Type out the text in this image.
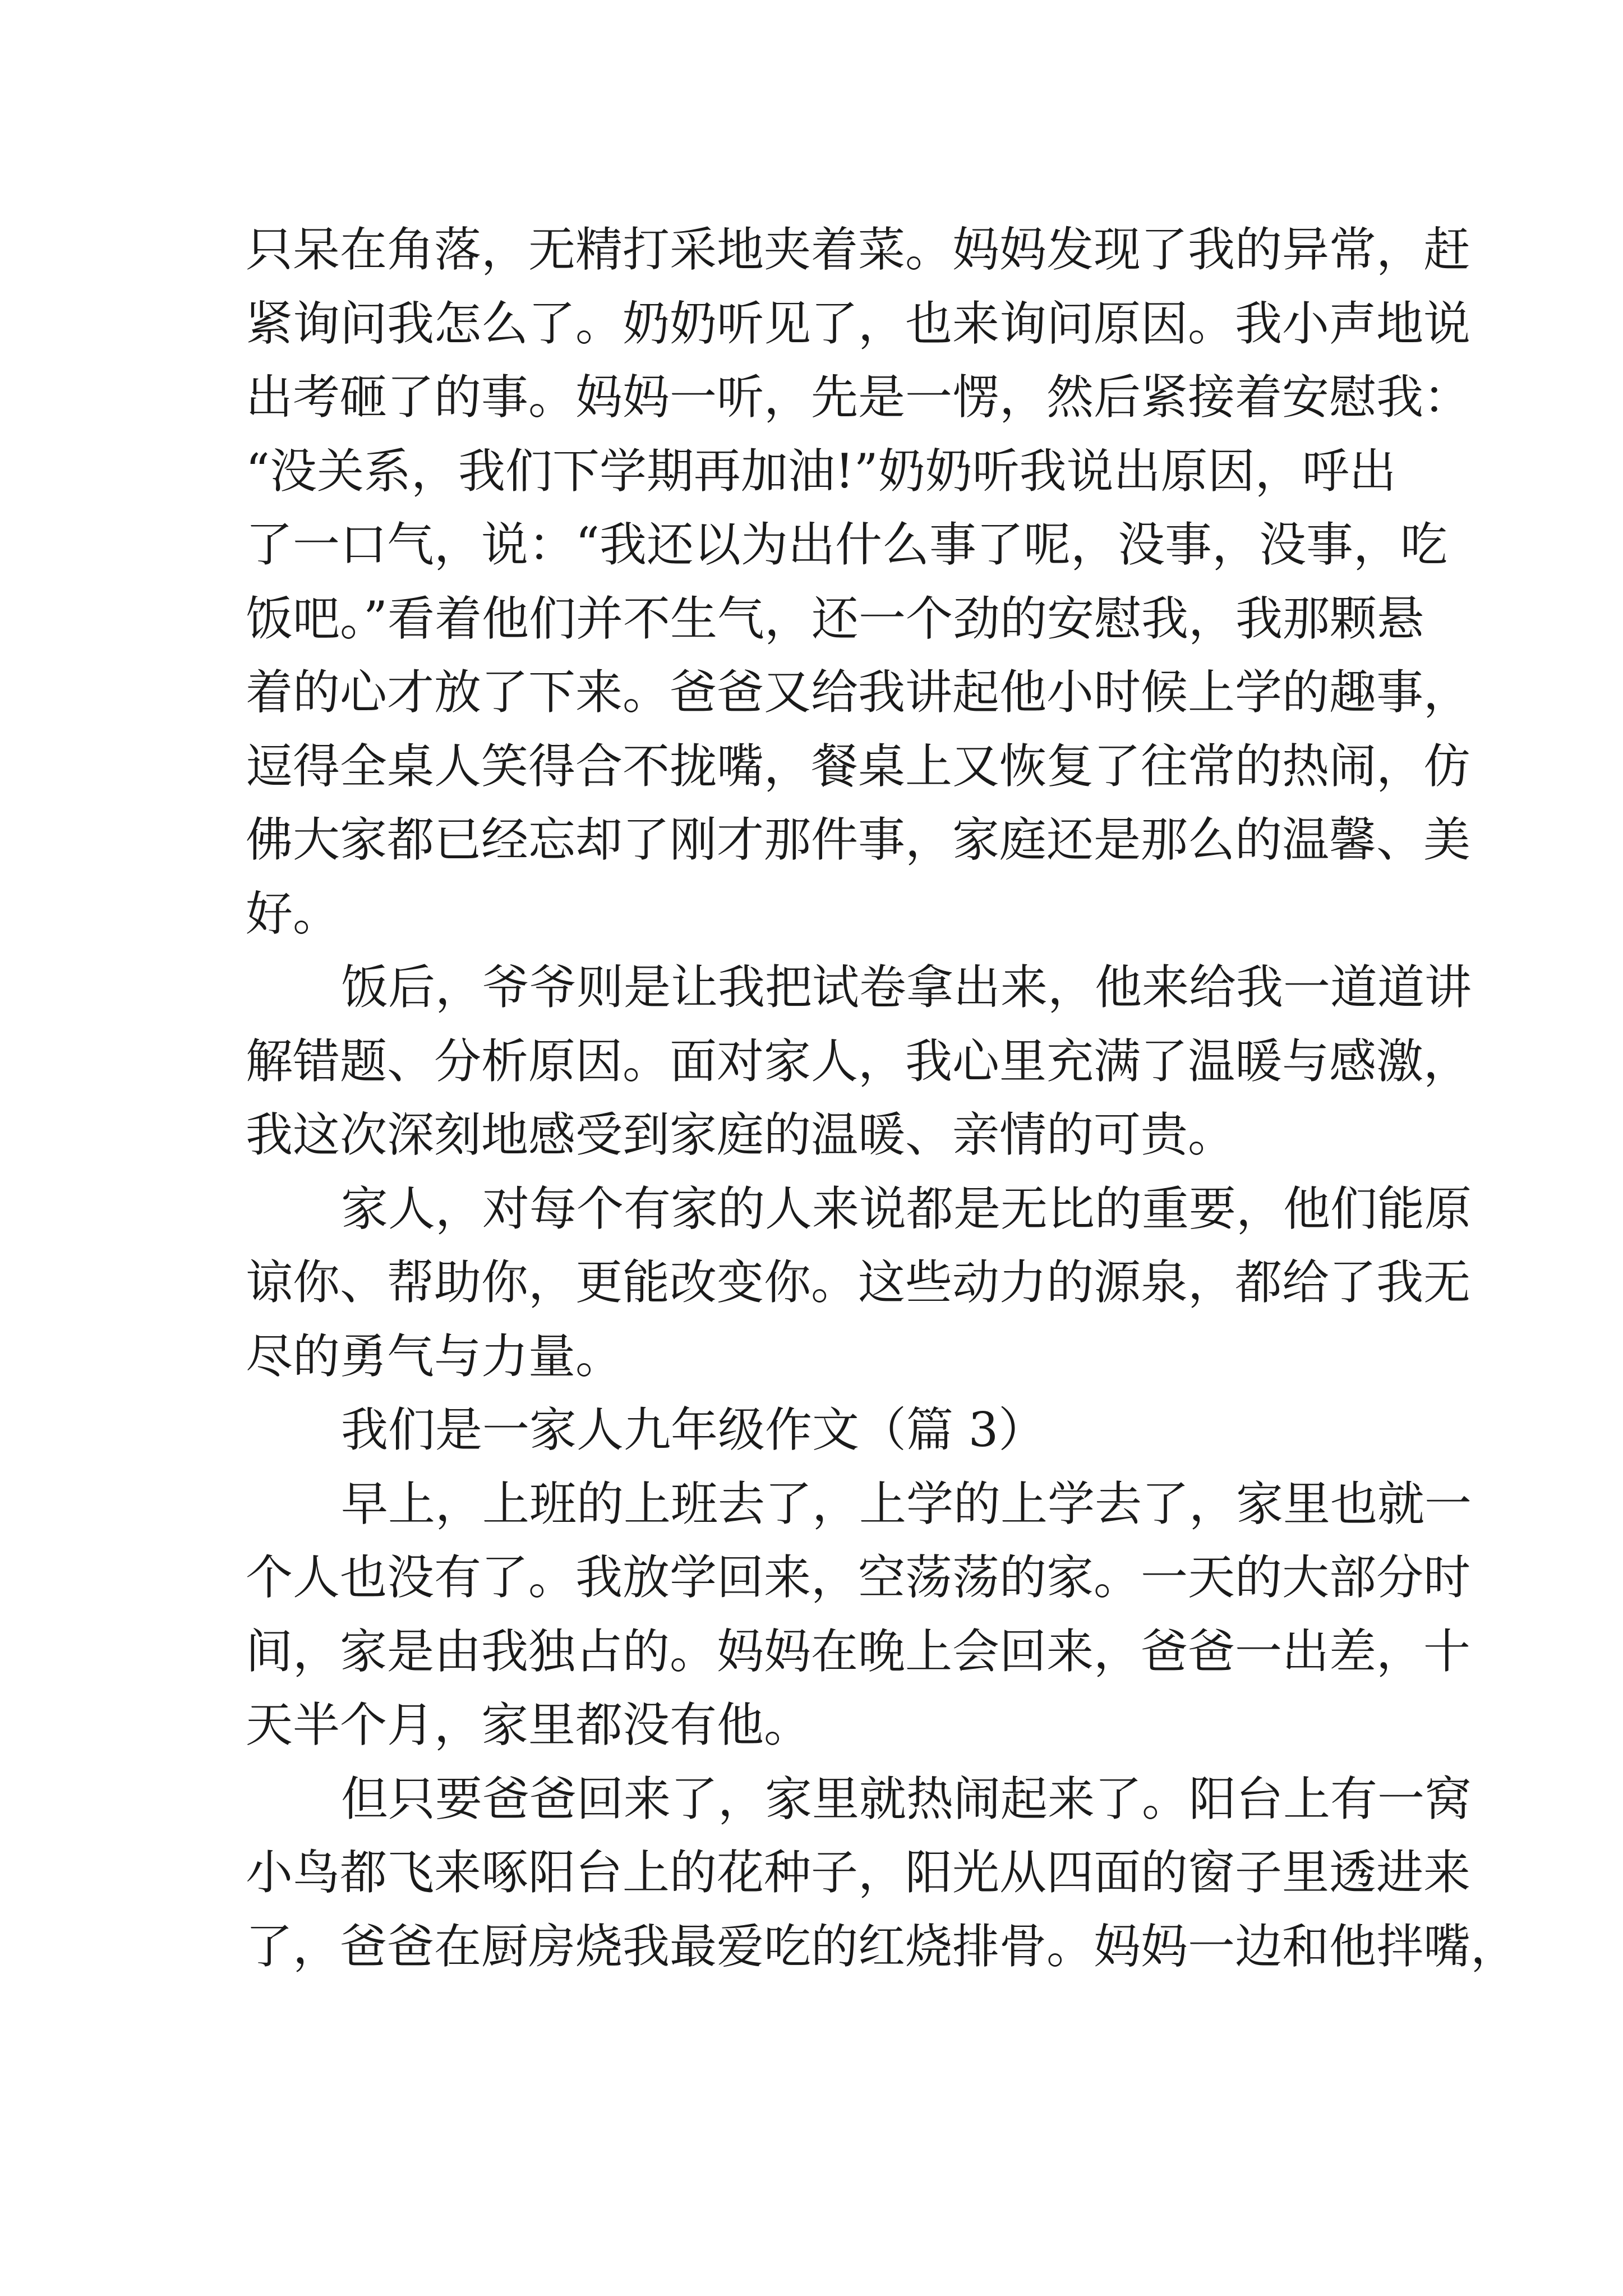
只呆在角落，无精打采地夹着菜。妈妈发现了我的异常，赶
紧询问我怎么了。奶奶听见了，也来询问原因。我小声地说
出考砸了的事。妈妈一听，先是一愣，然后紧接着安慰我：
“没关系，我们下学期再加油!”奶奶听我说出原因，呼出
了一口气，说：“我还以为出什么事了呢，没事，没事，吃
饭吧。”看着他们并不生气，还一个劲的安慰我，我那颗悬
着的心才放了下来。爸爸又给我讲起他小时候上学的趣事，
逗得全桌人笑得合不拢嘴，餐桌上又恢复了往常的热闹，仿
佛大家都已经忘却了刚才那件事，家庭还是那么的温馨、美
好。
饭后，爷爷则是让我把试卷拿出来，他来给我一道道讲
解错题、分析原因。面对家人，我心里充满了温暖与感激，
我这次深刻地感受到家庭的温暖、亲情的可贵。
家人，对每个有家的人来说都是无比的重要，他们能原
谅你、帮助你，更能改变你。这些动力的源泉，都给了我无
尽的勇气与力量。
我们是一家人九年级作文（篇 3）
早上，上班的上班去了，上学的上学去了，家里也就一
个人也没有了。我放学回来，空荡荡的家。一天的大部分时
间，家是由我独占的。妈妈在晚上会回来，爸爸一出差，十
天半个月，家里都没有他。
但只要爸爸回来了，家里就热闹起来了。阳台上有一窝
小鸟都飞来啄阳台上的花种子，阳光从四面的窗子里透进来
了，爸爸在厨房烧我最爱吃的红烧排骨。妈妈一边和他拌嘴，
